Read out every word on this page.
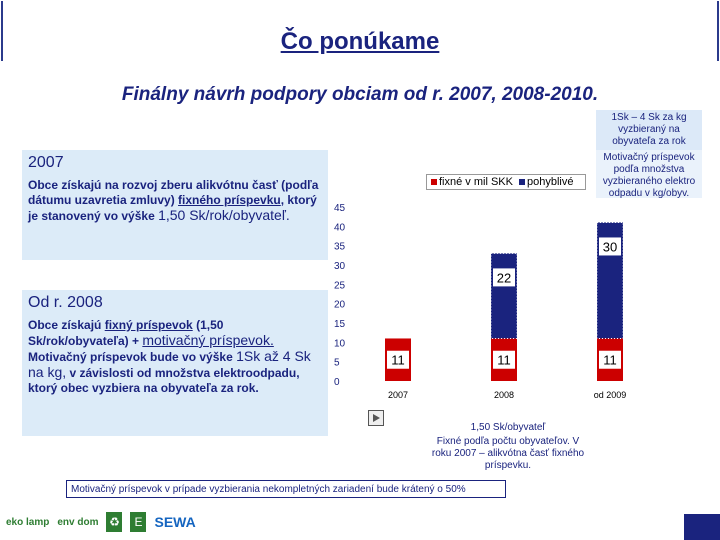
Čo ponúkame
Finálny návrh podpory obciam od r. 2007, 2008-2010.
1Sk – 4 Sk za kg vyzbieraný na obyvateľa za rok
Motivačný príspevok podľa množstva vyzbieraného elektro odpadu v kg/obyv.
2007

Obce získajú na rozvoj zberu alikvótnu časť (podľa dátumu uzavretia zmluvy) fixného príspevku, ktorý je stanovený vo výške 1,50 Sk/rok/obyvateľ.

Od r. 2008

Obce získajú fixný príspevok (1,50 Sk/rok/obyvateľa) + motivačný príspevok.
Motivačný príspevok bude vo výške 1Sk až 4 Sk na kg, v závislosti od množstva elektroodpadu, ktorý obec vyzbiera na obyvateľa za rok.

fixné v mil SKK	pohyblivé
0
5
10
15
20
25
30
35
40
45
11	11
22
11
30
2007	2008	od 2009
1,50 Sk/obyvateľ
Fixné podľa počtu obyvateľov. V roku 2007 – alikvótna časť fixného príspevku.
Motivačný príspevok v prípade vyzbierania nekompletných zariadení bude krátený o 50%
eko lamp env dom ♻	E SEWA
